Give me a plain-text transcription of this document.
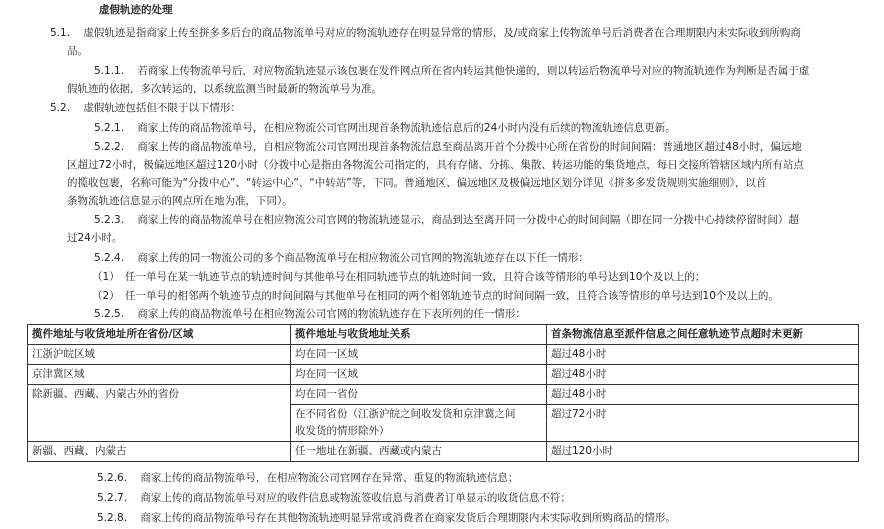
虚假轨迹的处理
5.1. 虚假轨迹是指商家上传至拼多多后台的商品物流单号对应的物流轨迹存在明显异常的情形，及/或商家上传物流单号后消费者在合理期限内未实际收到所购商
品。
5.1.1. 若商家上传物流单号后，对应物流轨迹显示该包裹在发件网点所在省内转运其他快递的，则以转运后物流单号对应的物流轨迹作为判断是否属于虚
假轨迹的依据，多次转运的，以系统监测当时最新的物流单号为准。
5.2. 虚假轨迹包括但不限于以下情形：
5.2.1. 商家上传的商品物流单号，在相应物流公司官网出现首条物流轨迹信息后的24小时内没有后续的物流轨迹信息更新。
5.2.2. 商家上传的商品物流单号，自相应物流公司官网出现首条物流信息至商品离开首个分拨中心所在省份的时间间隔：普通地区超过48小时，偏远地
区超过72小时，极偏远地区超过120小时（分拨中心是指由各物流公司指定的，具有存储、分拣、集散、转运功能的集货地点，每日交接所管辖区域内所有站点
的揽收包裹，名称可能为“分拨中心”、“转运中心”、“中转站”等，下同。普通地区、偏远地区及极偏远地区划分详见《拼多多发货规则实施细则》，以首
条物流轨迹信息显示的网点所在地为准，下同）。
5.2.3. 商家上传的商品物流单号在相应物流公司官网的物流轨迹显示，商品到达至离开同一分拨中心的时间间隔（即在同一分拨中心持续停留时间）超
过24小时。
5.2.4. 商家上传的同一物流公司的多个商品物流单号在相应物流公司官网的物流轨迹存在以下任一情形：
（1） 任一单号在某一轨迹节点的轨迹时间与其他单号在相同轨迹节点的轨迹时间一致，且符合该等情形的单号达到10个及以上的；
（2） 任一单号的相邻两个轨迹节点的时间间隔与其他单号在相同的两个相邻轨迹节点的时间间隔一致，且符合该等情形的单号达到10个及以上的。
5.2.5. 商家上传的商品物流单号在相应物流公司官网的物流轨迹存在下表所列的任一情形：
揽件地址与收货地址所在省份/区域	揽件地址与收货地址关系	首条物流信息至派件信息之间任意轨迹节点超时未更新
江浙沪皖区域	均在同一区域	超过48小时
京津冀区域	均在同一区域	超过48小时
除新疆、西藏、内蒙古外的省份	均在同一省份	超过48小时
	在不同省份（江浙沪皖之间收发货和京津冀之间
收发货的情形除外）	超过72小时
新疆、西藏、内蒙古	任一地址在新疆、西藏或内蒙古	超过120小时
5.2.6. 商家上传的商品物流单号，在相应物流公司官网存在异常、重复的物流轨迹信息；
5.2.7. 商家上传的商品物流单号对应的收件信息或物流签收信息与消费者订单显示的收货信息不符；
5.2.8. 商家上传的商品物流单号存在其他物流轨迹明显异常或消费者在商家发货后合理期限内未实际收到所购商品的情形。
